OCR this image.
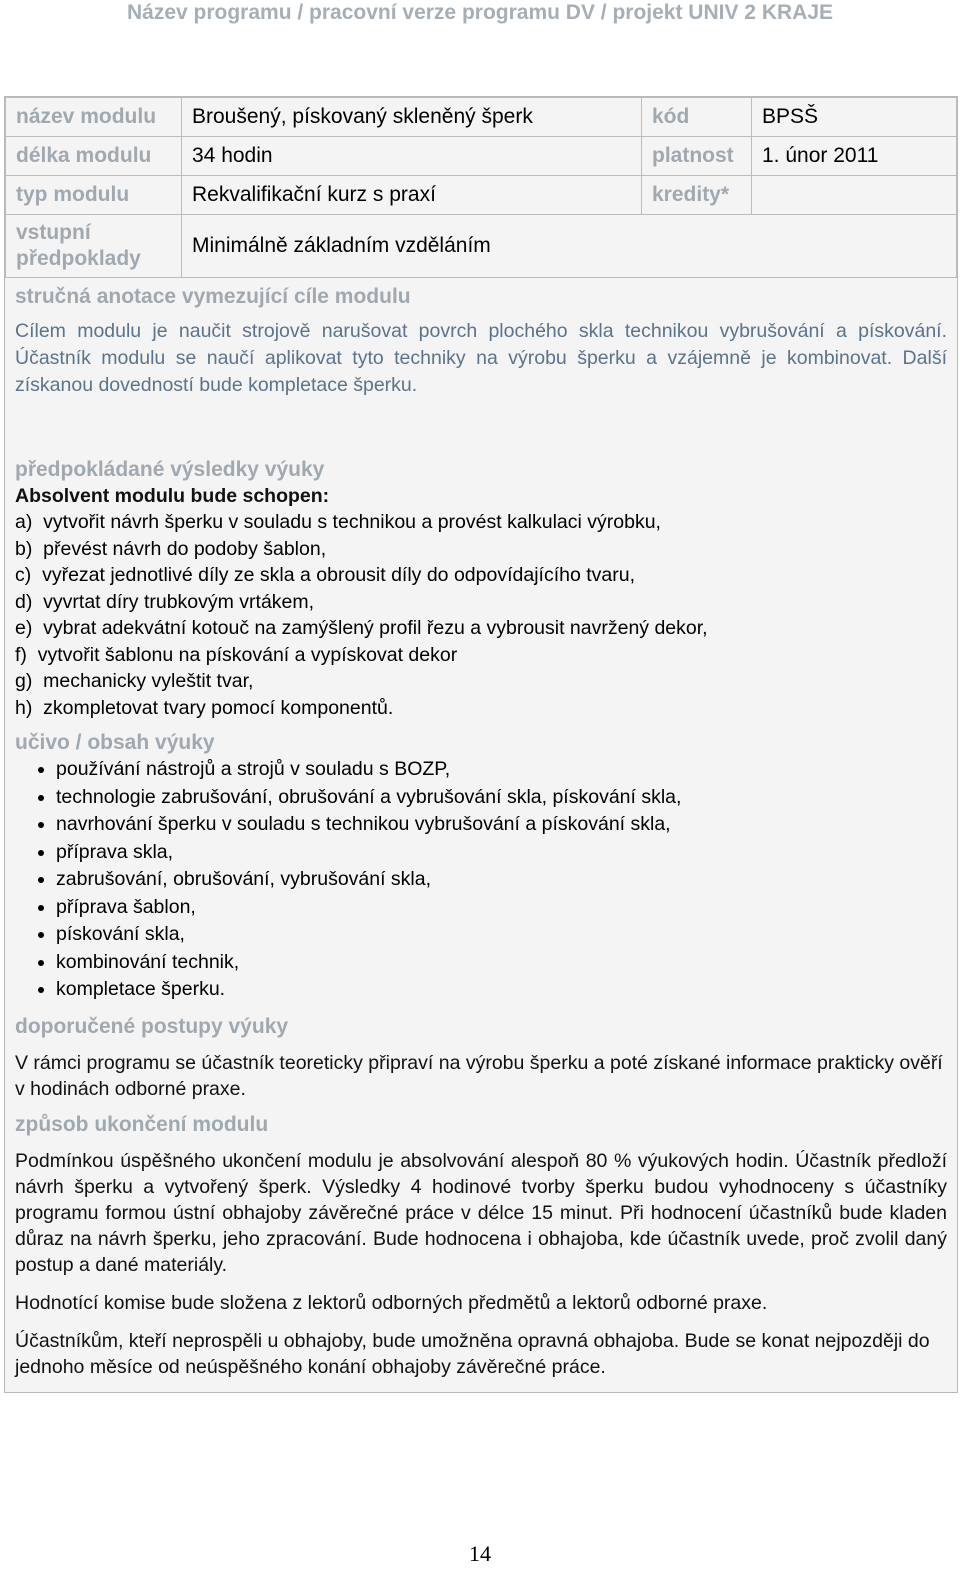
Název programu / pracovní verze programu DV / projekt UNIV 2 KRAJE
název modulu	Broušený, pískovaný skleněný šperk	kód	BPSŠ
délka modulu	34 hodin	platnost	1. únor 2011
typ modulu	Rekvalifikační kurz s praxí	kredity*	
vstupní předpoklady	Minimálně základním vzděláním		
stručná anotace vymezující cíle modulu
Cílem modulu je naučit strojově narušovat povrch plochého skla technikou vybrušování a pískování. Účastník modulu se naučí aplikovat tyto techniky na výrobu šperku a vzájemně je kombinovat. Další získanou dovedností bude kompletace šperku.
předpokládané výsledky výuky
Absolvent modulu bude schopen:
a)  vytvořit návrh šperku v souladu s technikou a provést kalkulaci výrobku,
b)  převést návrh do podoby šablon,
c)  vyřezat jednotlivé díly ze skla a obrousit díly do odpovídajícího tvaru,
d)  vyvrtat díry trubkovým vrtákem,
e)  vybrat adekvátní kotouč na zamýšlený profil řezu a vybrousit navržený dekor,
f)  vytvořit šablonu na pískování a vypískovat dekor
g)  mechanicky vyleštit tvar,
h)  zkompletovat tvary pomocí komponentů.
učivo / obsah výuky
• používání nástrojů a strojů v souladu s BOZP,
• technologie zabrušování, obrušování a vybrušování skla, pískování skla,
• navrhování šperku v souladu s technikou vybrušování a pískování skla,
• příprava skla,
• zabrušování, obrušování, vybrušování skla,
• příprava šablon,
• pískování skla,
• kombinování technik,
• kompletace šperku.
doporučené postupy výuky
V rámci programu se účastník teoreticky připraví na výrobu šperku a poté získané informace prakticky ověří v hodinách odborné praxe.
způsob ukončení modulu
Podmínkou úspěšného ukončení modulu je absolvování alespoň 80 % výukových hodin. Účastník předloží návrh šperku a vytvořený šperk. Výsledky 4 hodinové tvorby šperku budou vyhodnoceny s účastníky programu formou ústní obhajoby závěrečné práce v délce 15 minut. Při hodnocení účastníků bude kladen důraz na návrh šperku, jeho zpracování. Bude hodnocena i obhajoba, kde účastník uvede, proč zvolil daný postup a dané materiály.
Hodnotící komise bude složena z lektorů odborných předmětů a lektorů odborné praxe.
Účastníkům, kteří neprospěli u obhajoby, bude umožněna opravná obhajoba. Bude se konat nejpozději do jednoho měsíce od neúspěšného konání obhajoby závěrečné práce.
14
